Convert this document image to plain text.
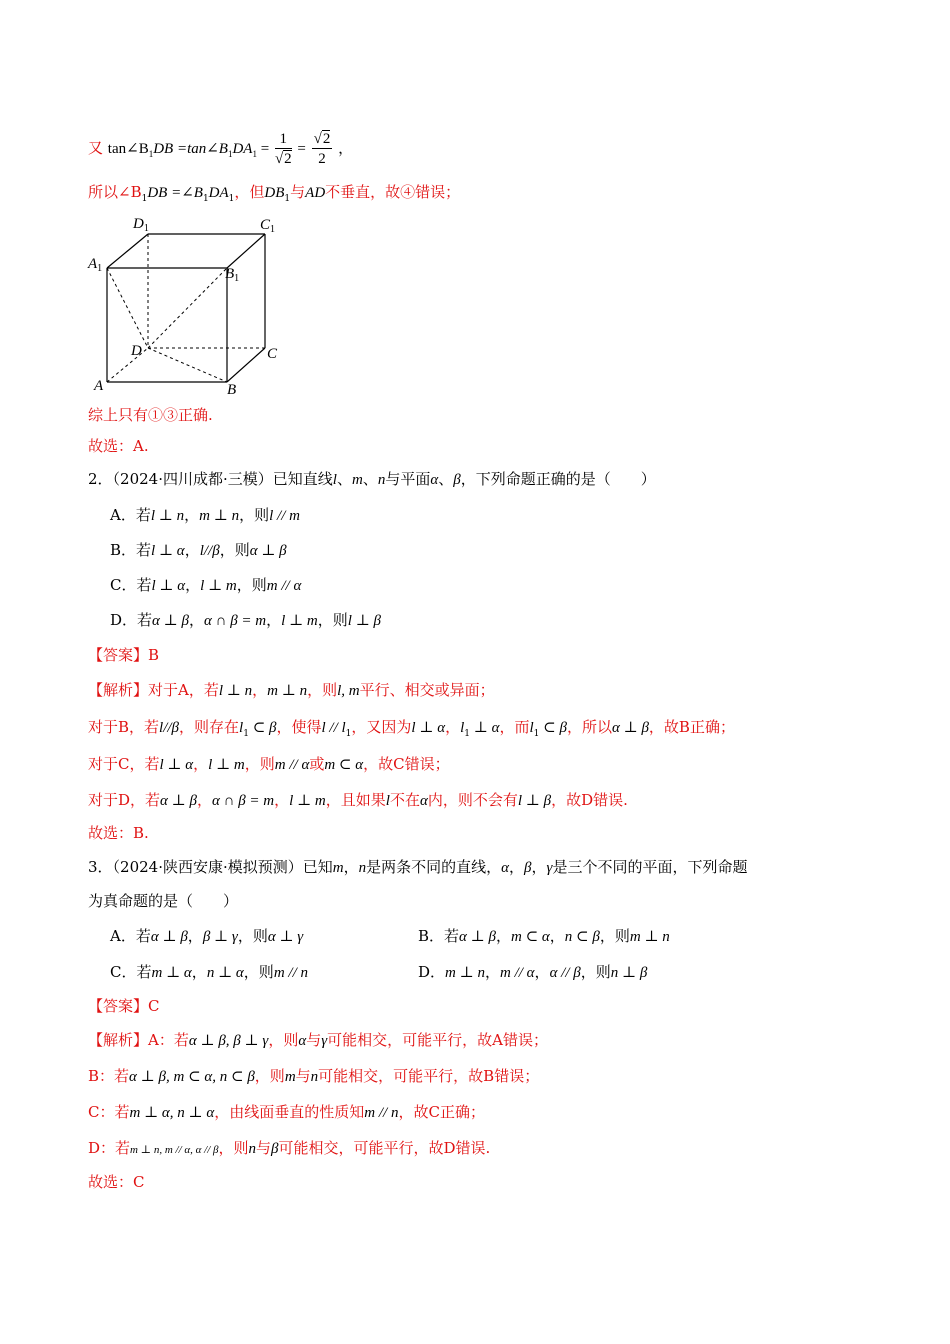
又 $\tan\angle B_1DB$ $=\tan\angle B_1DA_1 = \frac{1}{√2} = \frac{√2}{2}$ ，
所以$\angle B_1DB$ $=\angle B_1DA_1$，但$DB_1$与AD不垂直，故④错误；
$D_1$	$C_1$
$A_1$	$B_1$
D	C
A	B
综上只有①③正确.
故选：A.
2．（2024·四川成都·三模）已知直线l、m、n与平面α、β，下列命题正确的是（　　）
A．若l ⊥ n，m ⊥ n，则l // m
B．若l ⊥ α，l//β，则α ⊥ β
C．若l ⊥ α，l ⊥ m，则m // α
D．若α ⊥ β，α ∩ β = m，l ⊥ m，则l ⊥ β
【答案】B
【解析】对于A，若l ⊥ n，m ⊥ n，则l, m平行、相交或异面；
对于B，若l//β，则存在$l_1$ ⊂ β，使得l // $l_1$，又因为l ⊥ α，$l_1$ ⊥ α，而$l_1$ ⊂ β，所以α ⊥ β，故B正确；
对于C，若l ⊥ α，l ⊥ m，则m // α或m ⊂ α，故C错误；
对于D，若α ⊥ β，α ∩ β = m，l ⊥ m，且如果l不在α内，则不会有l ⊥ β，故D错误.
故选：B.
3．（2024·陕西安康·模拟预测）已知m，n是两条不同的直线，α，β，γ是三个不同的平面，下列命题
为真命题的是（　　）
A．若α ⊥ β，β ⊥ γ，则α ⊥ γ	B．若α ⊥ β，m ⊂ α，n ⊂ β，则m ⊥ n
C．若m ⊥ α，n ⊥ α，则m // n	D．m ⊥ n，m // α，α // β，则n ⊥ β
【答案】C
【解析】A：若α ⊥ β, β ⊥ γ，则α与γ可能相交，可能平行，故A错误；
B：若α ⊥ β, m ⊂ α, n ⊂ β，则m与n可能相交，可能平行，故B错误；
C：若m ⊥ α, n ⊥ α，由线面垂直的性质知m // n，故C正确；
D：若m ⊥ n, m // α, α // β，则n与β可能相交，可能平行，故D错误.
故选：C
